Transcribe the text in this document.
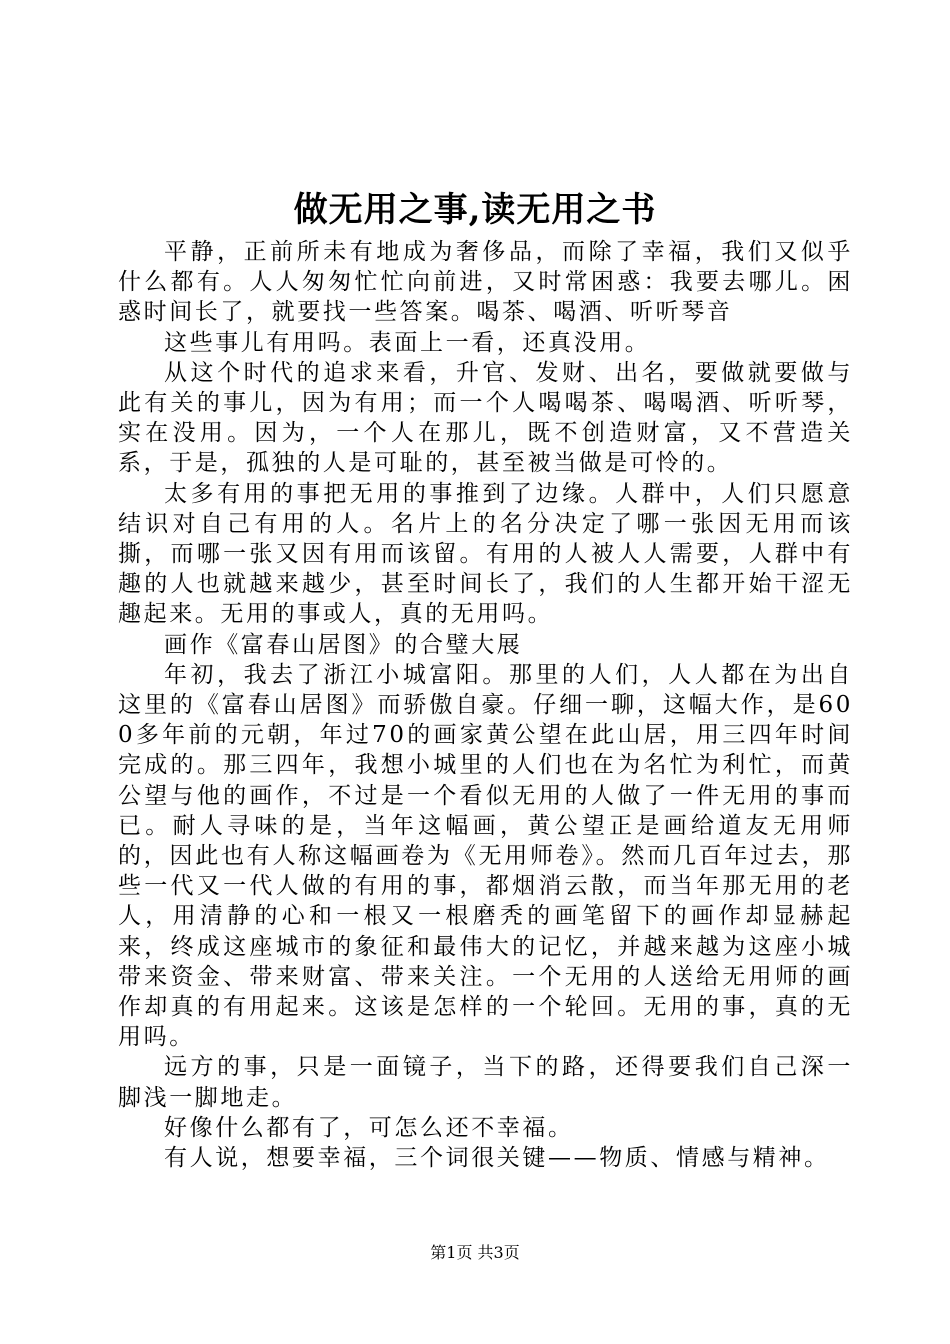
做无用之事,读无用之书

平静，正前所未有地成为奢侈品，而除了幸福，我们又似乎什么都有。人人匆匆忙忙向前进，又时常困惑：我要去哪儿。困惑时间长了，就要找一些答案。喝茶、喝酒、听听琴音

这些事儿有用吗。表面上一看，还真没用。

从这个时代的追求来看，升官、发财、出名，要做就要做与此有关的事儿，因为有用；而一个人喝喝茶、喝喝酒、听听琴，实在没用。因为，一个人在那儿，既不创造财富，又不营造关系，于是，孤独的人是可耻的，甚至被当做是可怜的。

太多有用的事把无用的事推到了边缘。人群中，人们只愿意结识对自己有用的人。名片上的名分决定了哪一张因无用而该撕，而哪一张又因有用而该留。有用的人被人人需要，人群中有趣的人也就越来越少，甚至时间长了，我们的人生都开始干涩无趣起来。无用的事或人，真的无用吗。

画作《富春山居图》的合璧大展

年初，我去了浙江小城富阳。那里的人们，人人都在为出自这里的《富春山居图》而骄傲自豪。仔细一聊，这幅大作，是600多年前的元朝，年过70的画家黄公望在此山居，用三四年时间完成的。那三四年，我想小城里的人们也在为名忙为利忙，而黄公望与他的画作，不过是一个看似无用的人做了一件无用的事而已。耐人寻味的是，当年这幅画，黄公望正是画给道友无用师的，因此也有人称这幅画卷为《无用师卷》。然而几百年过去，那些一代又一代人做的有用的事，都烟消云散，而当年那无用的老人，用清静的心和一根又一根磨秃的画笔留下的画作却显赫起来，终成这座城市的象征和最伟大的记忆，并越来越为这座小城带来资金、带来财富、带来关注。一个无用的人送给无用师的画作却真的有用起来。这该是怎样的一个轮回。无用的事，真的无用吗。

远方的事，只是一面镜子，当下的路，还得要我们自己深一脚浅一脚地走。

好像什么都有了，可怎么还不幸福。

有人说，想要幸福，三个词很关键——物质、情感与精神。

第1页 共3页
